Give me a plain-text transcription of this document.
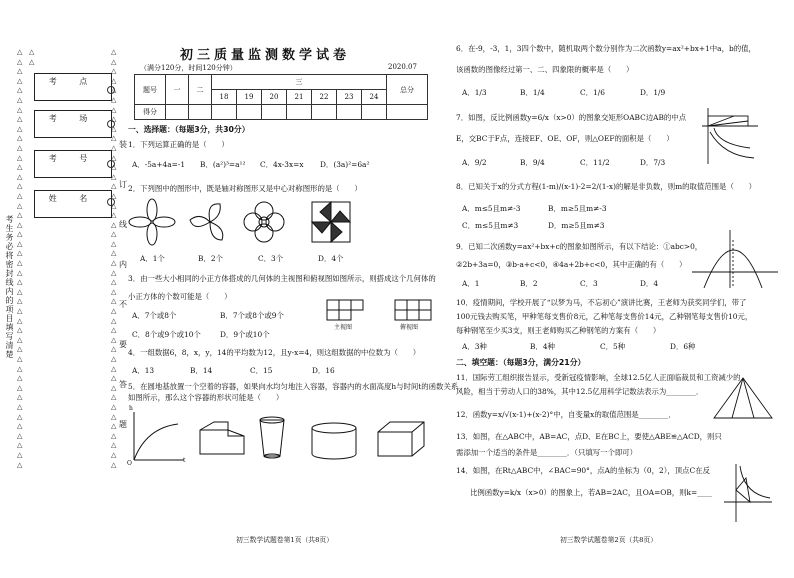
△
△
△
△
△
△
△
△
△
△
△
△
△
△
△
△
△
△
△
△
△
△
△
△
△
△
△
△
△
△
△
△
△
△
△
△
△
△
△
△
△
△
△
△

△
△

△
△
△
△
△
△
△
△
△
△
△
△
△
△
△
△
△
△
△
△
△
△
△
△
△
△
△
△
△
△
△
△
△
△
△
△
△
△
△
△
△
△
△
△

考 点
考 场
考 号
姓 名
考生务必将密封线内的项目填写清楚
装
订
线
内
不
要
答
题
初三质量监测数学试卷
（满分120分，时间120分钟）	2020.07
题号	一	二	三							总分
			18	19	20	21	22	23	24	
得分										
一、选择题：（每题3分，共30分）
1．下列运算正确的是（　　）
A．-5a+4a=-1 B．(a²)³=a¹² C．4x-3x=x D．(3a)²=6a²
2．下列图中的图形中，既是轴对称图形又是中心对称图形的是（　　）
A．1个	B．2个	C．3个	D．4个
3．由一些大小相同的小正方体搭成的几何体的主视图和俯视图如图所示，则搭成这个几何体的
小正方体的个数可能是（　　）
A．7个或8个	B．7个或8个或9个
C．8个或9个或10个	D．9个或10个
主视图	俯视图
4．一组数据6，8，x，y，14的平均数为12，且y-x=4，则这组数据的中位数为（　　）
A．13	B．14	C．15	D．16
5．在圆地基放置一个空着的容器，如果向水均匀地注入容器，容器内的水面高度h与时间t的函数关系
如图所示，那么这个容器的形状可能是（　　）
h
t
O
初三数学试题卷第1页（共8页）
6．在-9，-3，1，3四个数中，随机取两个数分别作为二次函数y=ax²+bx+1中a，b的值，
该函数的图像经过第一、二、四象限的概率是（　　）
A．1/3	B．1/4	C．1/6	D．1/9
7．如图，反比例函数y=6/x（x>0）的图象交矩形OABC边AB的中点
E，交BC于F点，连接EF、OE、OF，则△OEF的面积是（　　）
A．9/2	B．9/4	C．11/2	D．7/3
8．已知关于x的分式方程(1-m)/(x-1)-2=2/(1-x)的解是非负数，则m的取值范围是（　　）
A．m≤5且m≠-3	B．m≥5且m≠-3
C．m≤5且m≠3	D．m≥5且m≠3
9．已知二次函数y=ax²+bx+c的图象如图所示，有以下结论：①abc>0，
②2b+3a=0，③b-a+c<0，④4a+2b+c<0，其中正确的有（　　）
A．1	B．2	C．3	D．4
10．疫情期间，学校开展了“以梦为马，不忘初心”演讲比赛，王老师为获奖同学们，带了
100元钱去购买笔，甲种笔每支售价8元，乙种笔每支售价14元，乙种钢笔每支售价10元，
每种钢笔至少买3支，则王老师购买乙种钢笔的方案有（　　）
A．3种	B．4种	C．5种	D．6种
二、填空题：（每题3分，满分21分）
11．国际劳工组织报告显示，受新冠疫情影响，全球12.5亿人正面临裁员和工资减少的
风险，相当于劳动人口的38%，其中12.5亿用科学记数法表示为________．
12．函数y=x/√(x-1)+(x-2)°中，自变量x的取值范围是________．
13．如图，在△ABC中，AB=AC，点D、E在BC上，要使△ABE≌△ACD，则只
需添加一个适当的条件是________．（只填写一个即可）
14．如图，在Rt△ABC中，∠BAC=90°，点A的坐标为（0，2），顶点C在反
比例函数y=k/x（x>0）的图象上，若AB=2AC，且OA=OB，则k=____
初三数学试题卷第2页（共8页）
